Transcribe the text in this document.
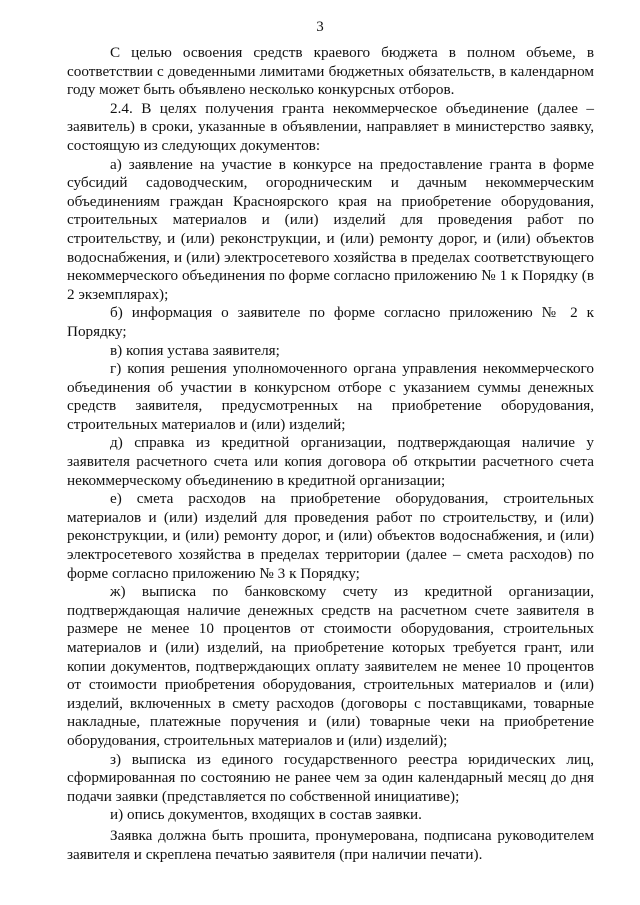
3

С целью освоения средств краевого бюджета в полном объеме, в соответствии с доведенными лимитами бюджетных обязательств, в календарном году может быть объявлено несколько конкурсных отборов.

2.4. В целях получения гранта некоммерческое объединение (далее – заявитель) в сроки, указанные в объявлении, направляет в министерство заявку, состоящую из следующих документов:

а) заявление на участие в конкурсе на предоставление гранта в форме субсидий садоводческим, огородническим и дачным некоммерческим объединениям граждан Красноярского края на приобретение оборудования, строительных материалов и (или) изделий для проведения работ по строительству, и (или) реконструкции, и (или) ремонту дорог, и (или) объектов водоснабжения, и (или) электросетевого хозяйства в пределах соответствующего некоммерческого объединения по форме согласно приложению № 1 к Порядку (в 2 экземплярах);

б) информация о заявителе по форме согласно приложению № 2 к Порядку;

в) копия устава заявителя;

г) копия решения уполномоченного органа управления некоммерческого объединения об участии в конкурсном отборе с указанием суммы денежных средств заявителя, предусмотренных на приобретение оборудования, строительных материалов и (или) изделий;

д) справка из кредитной организации, подтверждающая наличие у заявителя расчетного счета или копия договора об открытии расчетного счета некоммерческому объединению в кредитной организации;

е) смета расходов на приобретение оборудования, строительных материалов и (или) изделий для проведения работ по строительству, и (или) реконструкции, и (или) ремонту дорог, и (или) объектов водоснабжения, и (или) электросетевого хозяйства в пределах территории (далее – смета расходов) по форме согласно приложению № 3 к Порядку;

ж) выписка по банковскому счету из кредитной организации, подтверждающая наличие денежных средств на расчетном счете заявителя в размере не менее 10 процентов от стоимости оборудования, строительных материалов и (или) изделий, на приобретение которых требуется грант, или копии документов, подтверждающих оплату заявителем не менее 10 процентов от стоимости приобретения оборудования, строительных материалов и (или) изделий, включенных в смету расходов (договоры с поставщиками, товарные накладные, платежные поручения и (или) товарные чеки на приобретение оборудования, строительных материалов и (или) изделий);

з) выписка из единого государственного реестра юридических лиц, сформированная по состоянию не ранее чем за один календарный месяц до дня подачи заявки (представляется по собственной инициативе);

и) опись документов, входящих в состав заявки.

Заявка должна быть прошита, пронумерована, подписана руководителем заявителя и скреплена печатью заявителя (при наличии печати).
